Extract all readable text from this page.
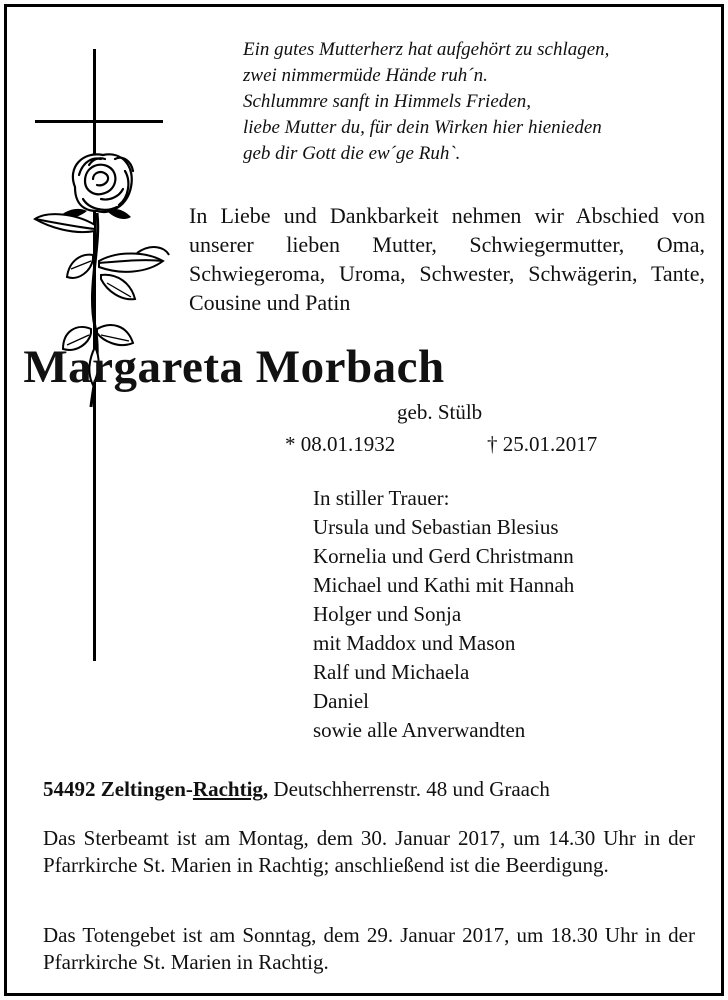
Ein gutes Mutterherz hat aufgehört zu schlagen,
zwei nimmermüde Hände ruh´n.
Schlummre sanft in Himmels Frieden,
liebe Mutter du, für dein Wirken hier hienieden
geb dir Gott die ew´ge Ruh`.
In Liebe und Dankbarkeit nehmen wir Abschied von unserer lieben Mutter, Schwiegermutter, Oma, Schwiegeroma, Uroma, Schwester, Schwägerin, Tante, Cousine und Patin
Margareta Morbach
geb. Stülb
* 08.01.1932	† 25.01.2017
In stiller Trauer:
Ursula und Sebastian Blesius
Kornelia und Gerd Christmann
Michael und Kathi mit Hannah
Holger und Sonja
mit Maddox und Mason
Ralf und Michaela
Daniel
sowie alle Anverwandten
54492 Zeltingen-Rachtig, Deutschherrenstr. 48 und Graach
Das Sterbeamt ist am Montag, dem 30. Januar 2017, um 14.30 Uhr in der Pfarrkirche St. Marien in Rachtig; anschließend ist die Beerdigung.
Das Totengebet ist am Sonntag, dem 29. Januar 2017, um 18.30 Uhr in der Pfarrkirche St. Marien in Rachtig.
